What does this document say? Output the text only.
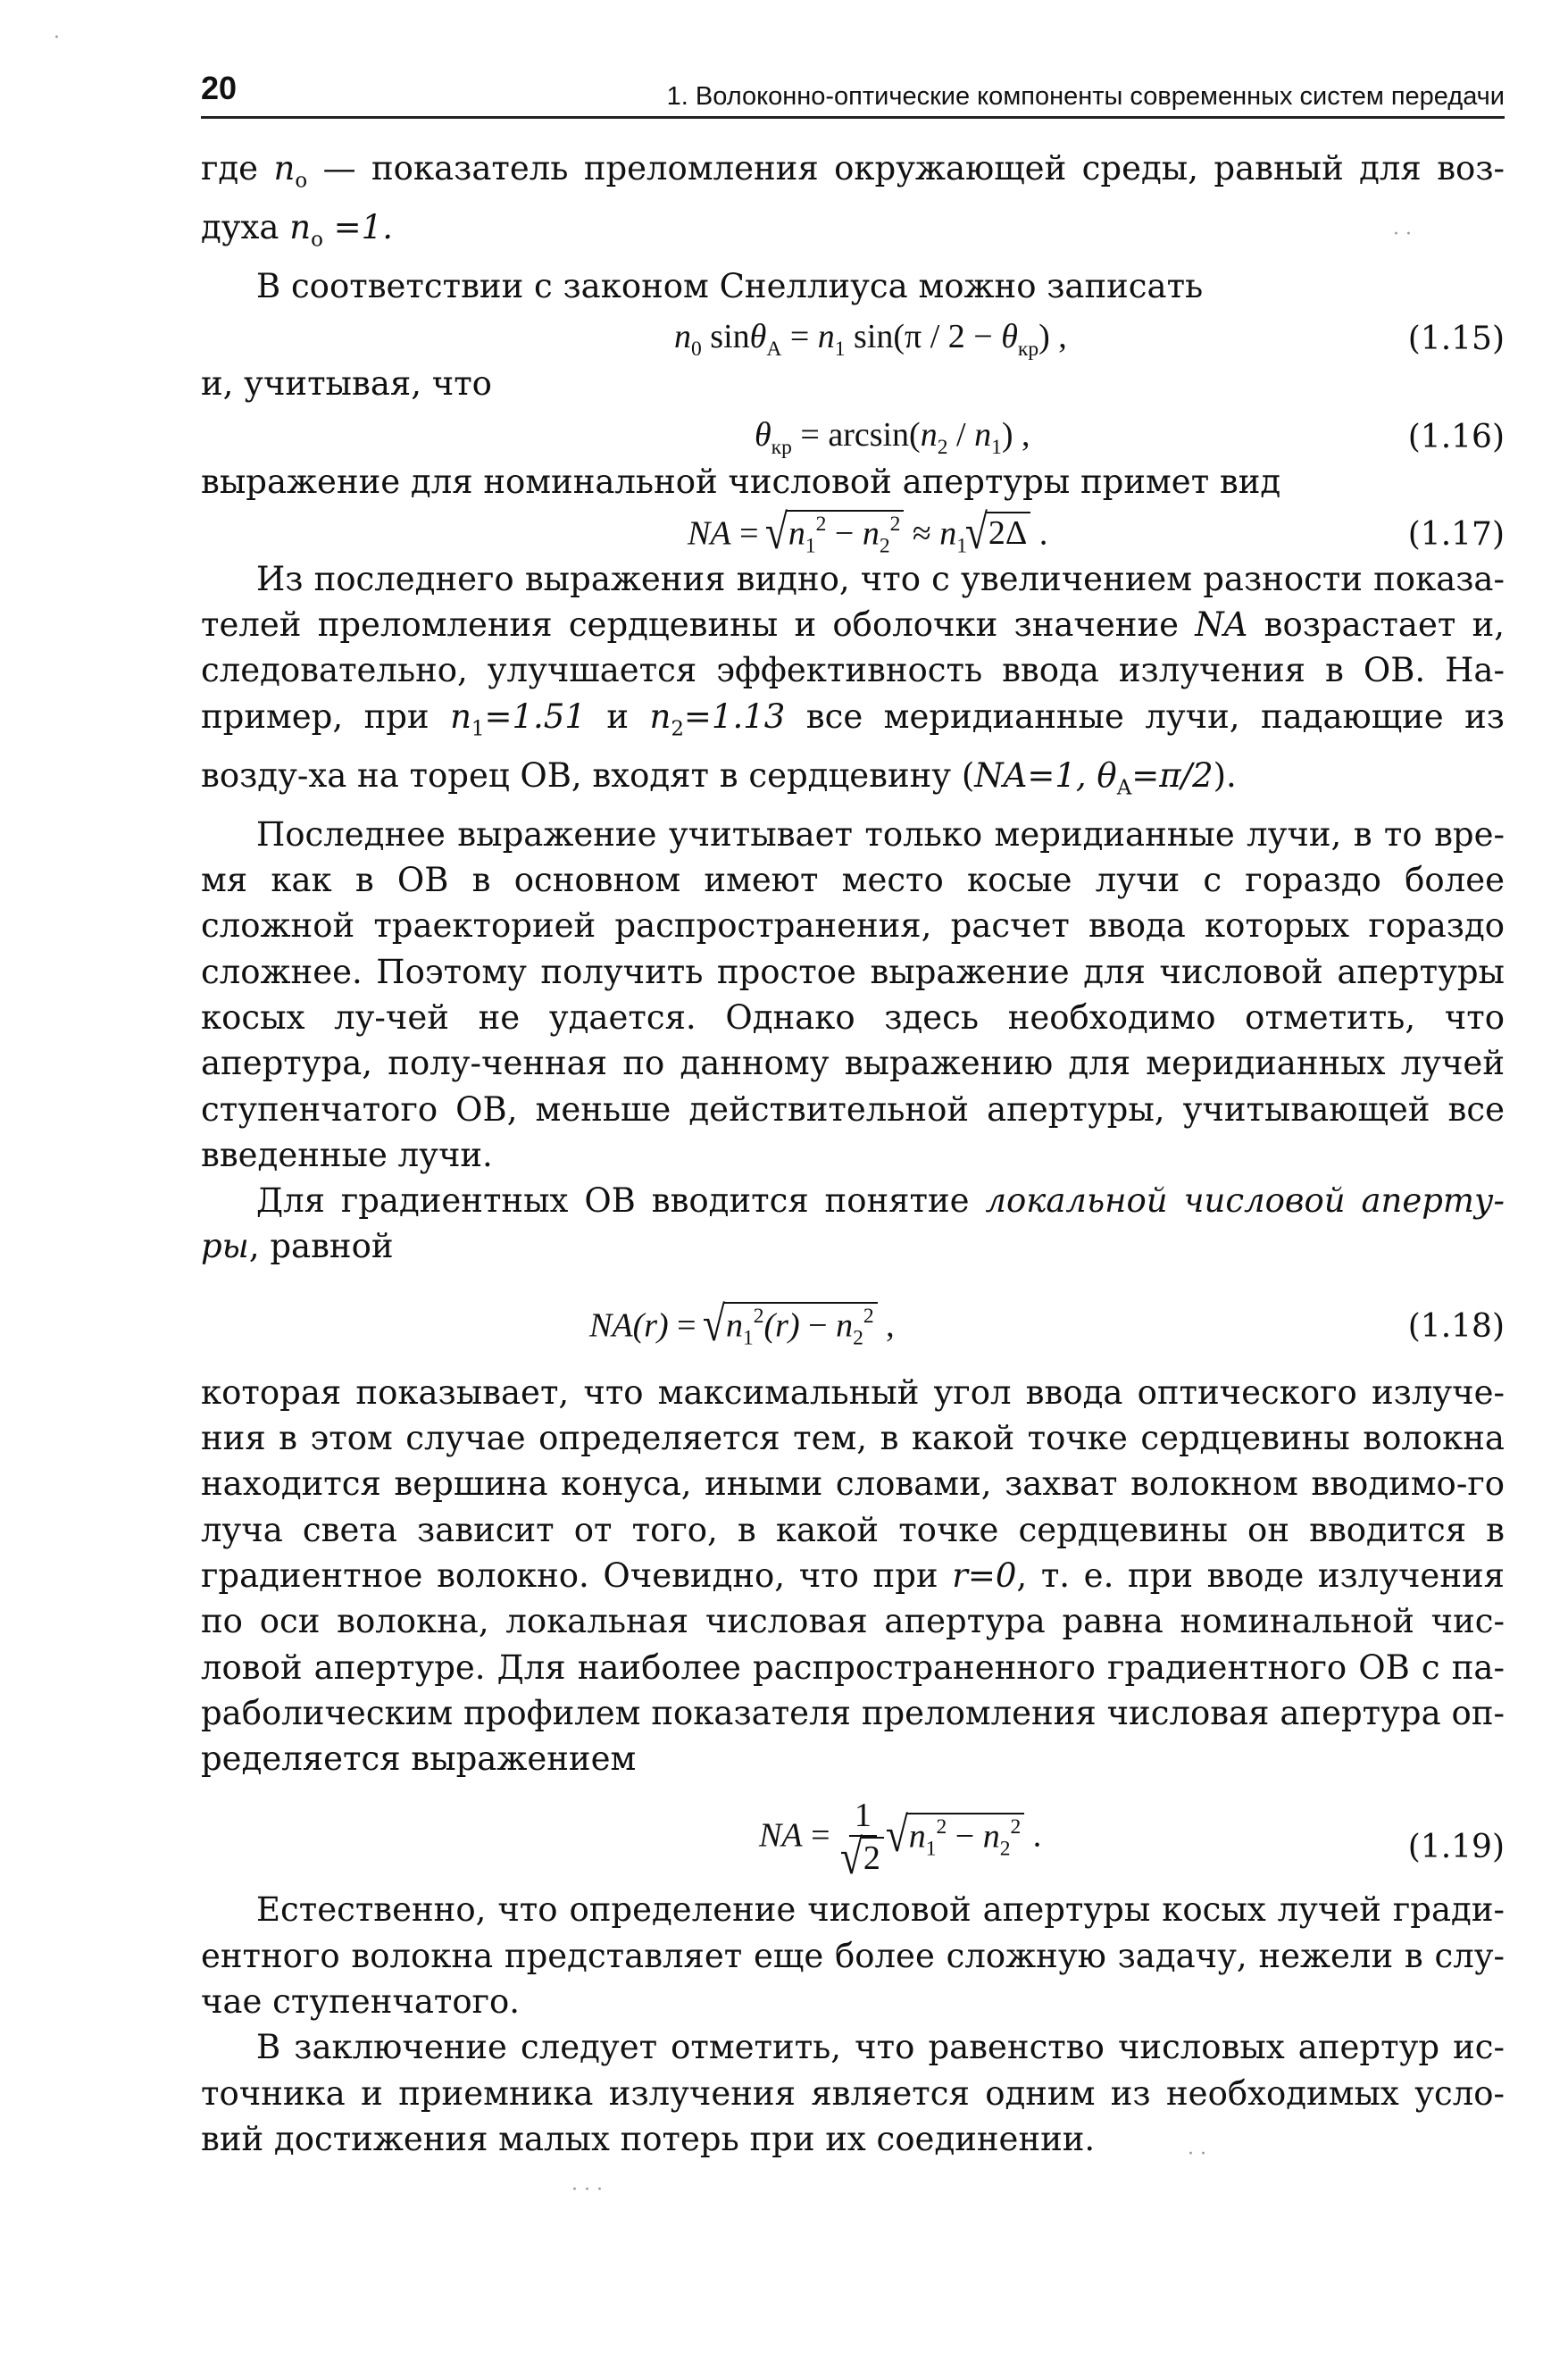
20	1. Волоконно-оптические компоненты современных систем передачи

где $n_o$ — показатель преломления окружающей среды, равный для воз-духа $n_o =1$.

В соответствии с законом Снеллиуса можно записать

$n_0$ $\sin\theta_A = n_1$ $\sin(\pi / 2 - \theta_{кр})$ ,	(1.15)

и, учитывая, что

$\theta_{кр} = \arcsin(n_2 / n_1)$ ,	(1.16)

выражение для номинальной числовой апертуры примет вид

NA = $√n_1^2 - n_2^2 \approx n_1√2\Delta$ .	(1.17)

Из последнего выражения видно, что с увеличением разности показа-телей преломления сердцевины и оболочки значение NA возрастает и, следовательно, улучшается эффективность ввода излучения в ОВ. На-пример, при $n_1=1.51$ и $n_2=1.13$ все меридианные лучи, падающие из возду-ха на торец ОВ, входят в сердцевину (NA=1, $\theta_A=\pi/2$).

Последнее выражение учитывает только меридианные лучи, в то вре-мя как в ОВ в основном имеют место косые лучи с гораздо более сложной траекторией распространения, расчет ввода которых гораздо сложнее. Поэтому получить простое выражение для числовой апертуры косых лу-чей не удается. Однако здесь необходимо отметить, что апертура, полу-ченная по данному выражению для меридианных лучей ступенчатого ОВ, меньше действительной апертуры, учитывающей все введенные лучи.

Для градиентных ОВ вводится понятие локальной числовой аперту-ры, равной

$NA(r) = √n_1^2(r) - n_2^2$ ,	(1.18)

которая показывает, что максимальный угол ввода оптического излуче-ния в этом случае определяется тем, в какой точке сердцевины волокна находится вершина конуса, иными словами, захват волокном вводимо-го луча света зависит от того, в какой точке сердцевины он вводится в градиентное волокно. Очевидно, что при r=0, т. е. при вводе излучения по оси волокна, локальная числовая апертура равна номинальной чис-ловой апертуре. Для наиболее распространенного градиентного ОВ с па-раболическим профилем показателя преломления числовая апертура оп-ределяется выражением

NA = $\frac{1}{√2} √n_1^2 - n_2^2$ .	(1.19)

Естественно, что определение числовой апертуры косых лучей гради-ентного волокна представляет еще более сложную задачу, нежели в слу-чае ступенчатого.

В заключение следует отметить, что равенство числовых апертур ис-точника и приемника излучения является одним из необходимых усло-вий достижения малых потерь при их соединении.

·
· ·
· · ·
· ·
